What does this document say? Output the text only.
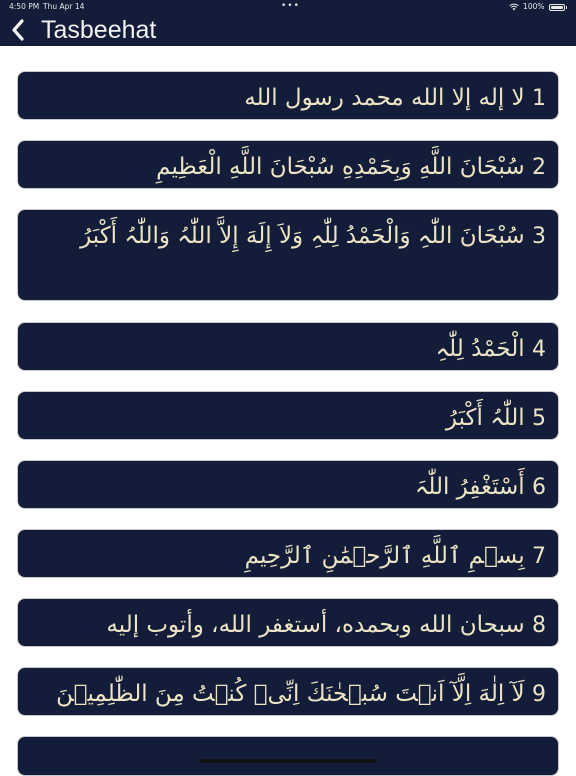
4:50 PM Thu Apr 14	•••	100%
Tasbeehat
1 لا إله إلا الله محمد رسول الله
2 سُبْحَانَ اللَّهِ وَبِحَمْدِهِ سُبْحَانَ اللَّهِ الْعَظِيمِ
3 سُبْحَانَ اللّٰہِ وَالْحَمْدُ لِلّٰہِ وَلاَ إِلَهَ إِلاَّ اللّٰہُ وَاللّٰہُ أَكْبَرُ
4 الْحَمْدُ لِلّٰہِ
5 اللّٰہُ أَكْبَرُ
6 أَسْتَغْفِرُ اللّٰہَ
7 بِسۡمِ ٱللَّهِ ٱلرَّحۡمَٰنِ ٱلرَّحِيمِ
8 سبحان الله وبحمده، أستغفر الله، وأتوب إليه
9 لَآ اِلٰهَ اِلَّآ اَنۡتَ سُبۡحٰنَكَ اِنِّىۡ كُنۡتُ مِنَ الظّٰلِمِيۡنَ
